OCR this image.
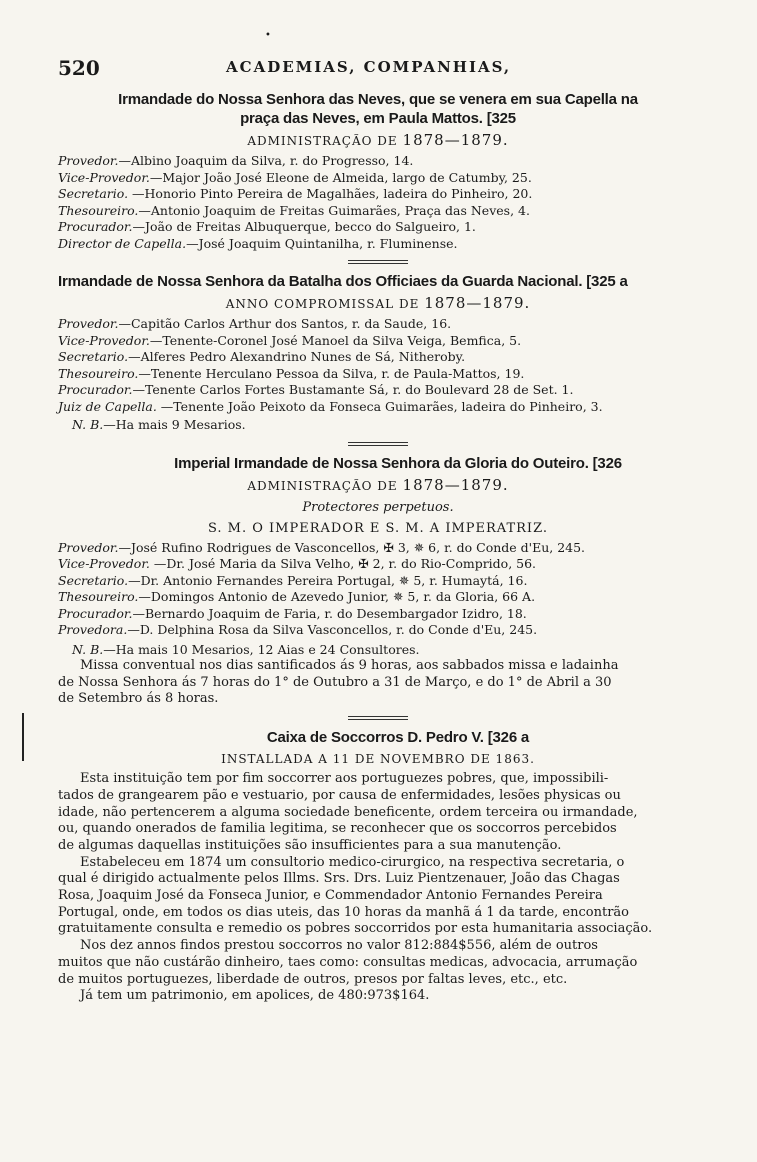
•
520	ACADEMIAS, COMPANHIAS,
Irmandade do Nossa Senhora das Neves, que se venera em sua Capella na
praça das Neves, em Paula Mattos. [325
ADMINISTRAÇÃO DE 1878—1879.
Provedor.—Albino Joaquim da Silva, r. do Progresso, 14.
Vice-Provedor.—Major João José Eleone de Almeida, largo de Catumby, 25.
Secretario. —Honorio Pinto Pereira de Magalhães, ladeira do Pinheiro, 20.
Thesoureiro.—Antonio Joaquim de Freitas Guimarães, Praça das Neves, 4.
Procurador.—João de Freitas Albuquerque, becco do Salgueiro, 1.
Director de Capella.—José Joaquim Quintanilha, r. Fluminense.
Irmandade de Nossa Senhora da Batalha dos Officiaes da Guarda Nacional. [325 a
ANNO COMPROMISSAL DE 1878—1879.
Provedor.—Capitão Carlos Arthur dos Santos, r. da Saude, 16.
Vice-Provedor.—Tenente-Coronel José Manoel da Silva Veiga, Bemfica, 5.
Secretario.—Alferes Pedro Alexandrino Nunes de Sá, Nitheroby.
Thesoureiro.—Tenente Herculano Pessoa da Silva, r. de Paula-Mattos, 19.
Procurador.—Tenente Carlos Fortes Bustamante Sá, r. do Boulevard 28 de Set. 1.
Juiz de Capella. —Tenente João Peixoto da Fonseca Guimarães, ladeira do Pinheiro, 3.
N. B.—Ha mais 9 Mesarios.
Imperial Irmandade de Nossa Senhora da Gloria do Outeiro. [326
ADMINISTRAÇÃO DE 1878—1879.
Protectores perpetuos.
S. M. O IMPERADOR E S. M. A IMPERATRIZ.
Provedor.—José Rufino Rodrigues de Vasconcellos, ✠ 3, ✵ 6, r. do Conde d'Eu, 245.
Vice-Provedor. —Dr. José Maria da Silva Velho, ✠ 2, r. do Rio-Comprido, 56.
Secretario.—Dr. Antonio Fernandes Pereira Portugal, ✵ 5, r. Humaytá, 16.
Thesoureiro.—Domingos Antonio de Azevedo Junior, ✵ 5, r. da Gloria, 66 A.
Procurador.—Bernardo Joaquim de Faria, r. do Desembargador Izidro, 18.
Provedora.—D. Delphina Rosa da Silva Vasconcellos, r. do Conde d'Eu, 245.
N. B.—Ha mais 10 Mesarios, 12 Aias e 24 Consultores.
Missa conventual nos dias santificados ás 9 horas, aos sabbados missa e ladainha
de Nossa Senhora ás 7 horas do 1° de Outubro a 31 de Março, e do 1° de Abril a 30
de Setembro ás 8 horas.
Caixa de Soccorros D. Pedro V. [326 a
INSTALLADA A 11 DE NOVEMBRO DE 1863.
Esta instituição tem por fim soccorrer aos portuguezes pobres, que, impossibili-
tados de grangearem pão e vestuario, por causa de enfermidades, lesões physicas ou
idade, não pertencerem a alguma sociedade beneficente, ordem terceira ou irmandade,
ou, quando onerados de familia legitima, se reconhecer que os soccorros percebidos
de algumas daquellas instituições são insufficientes para a sua manutenção.
Estabeleceu em 1874 um consultorio medico-cirurgico, na respectiva secretaria, o
qual é dirigido actualmente pelos Illms. Srs. Drs. Luiz Pientzenauer, João das Chagas
Rosa, Joaquim José da Fonseca Junior, e Commendador Antonio Fernandes Pereira
Portugal, onde, em todos os dias uteis, das 10 horas da manhã á 1 da tarde, encontrão
gratuitamente consulta e remedio os pobres soccorridos por esta humanitaria associação.
Nos dez annos findos prestou soccorros no valor 812:884$556, além de outros
muitos que não custárão dinheiro, taes como: consultas medicas, advocacia, arrumação
de muitos portuguezes, liberdade de outros, presos por faltas leves, etc., etc.
Já tem um patrimonio, em apolices, de 480:973$164.
